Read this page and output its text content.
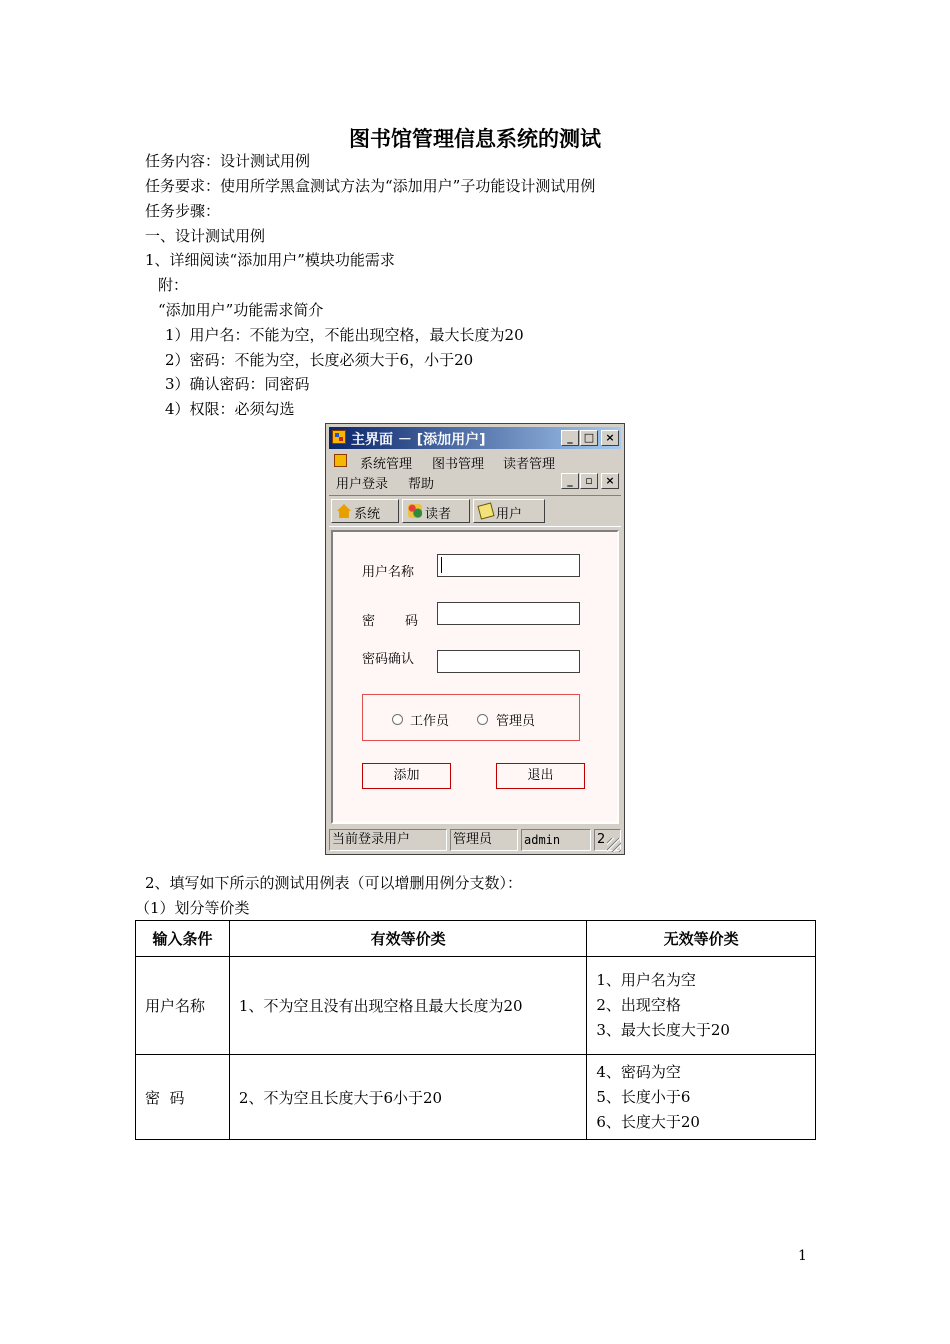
图书馆管理信息系统的测试
任务内容：设计测试用例
任务要求：使用所学黑盒测试方法为“添加用户”子功能设计测试用例
任务步骤：
一、设计测试用例
1、详细阅读“添加用户”模块功能需求
附：
“添加用户”功能需求简介
1）用户名：不能为空，不能出现空格，最大长度为20
2）密码：不能为空，长度必须大于6，小于20
3）确认密码：同密码
4）权限：必须勾选
主界面 － [添加用户]	_	□	×
系统管理 图书管理 读者管理
用户登录 帮助	_	▫	×
系统	读者	用户
用户名称
密 码
密码确认
工作员	管理员
添加	退出
当前登录用户	管理员	admin	2
2、填写如下所示的测试用例表（可以增删用例分支数）：
（1）划分等价类
输入条件	有效等价类	无效等价类
用户名称	1、不为空且没有出现空格且最大长度为20	1、用户名为空
2、出现空格
3、最大长度大于20

密  码	2、不为空且长度大于6小于20	4、密码为空
5、长度小于6
6、长度大于20
1
